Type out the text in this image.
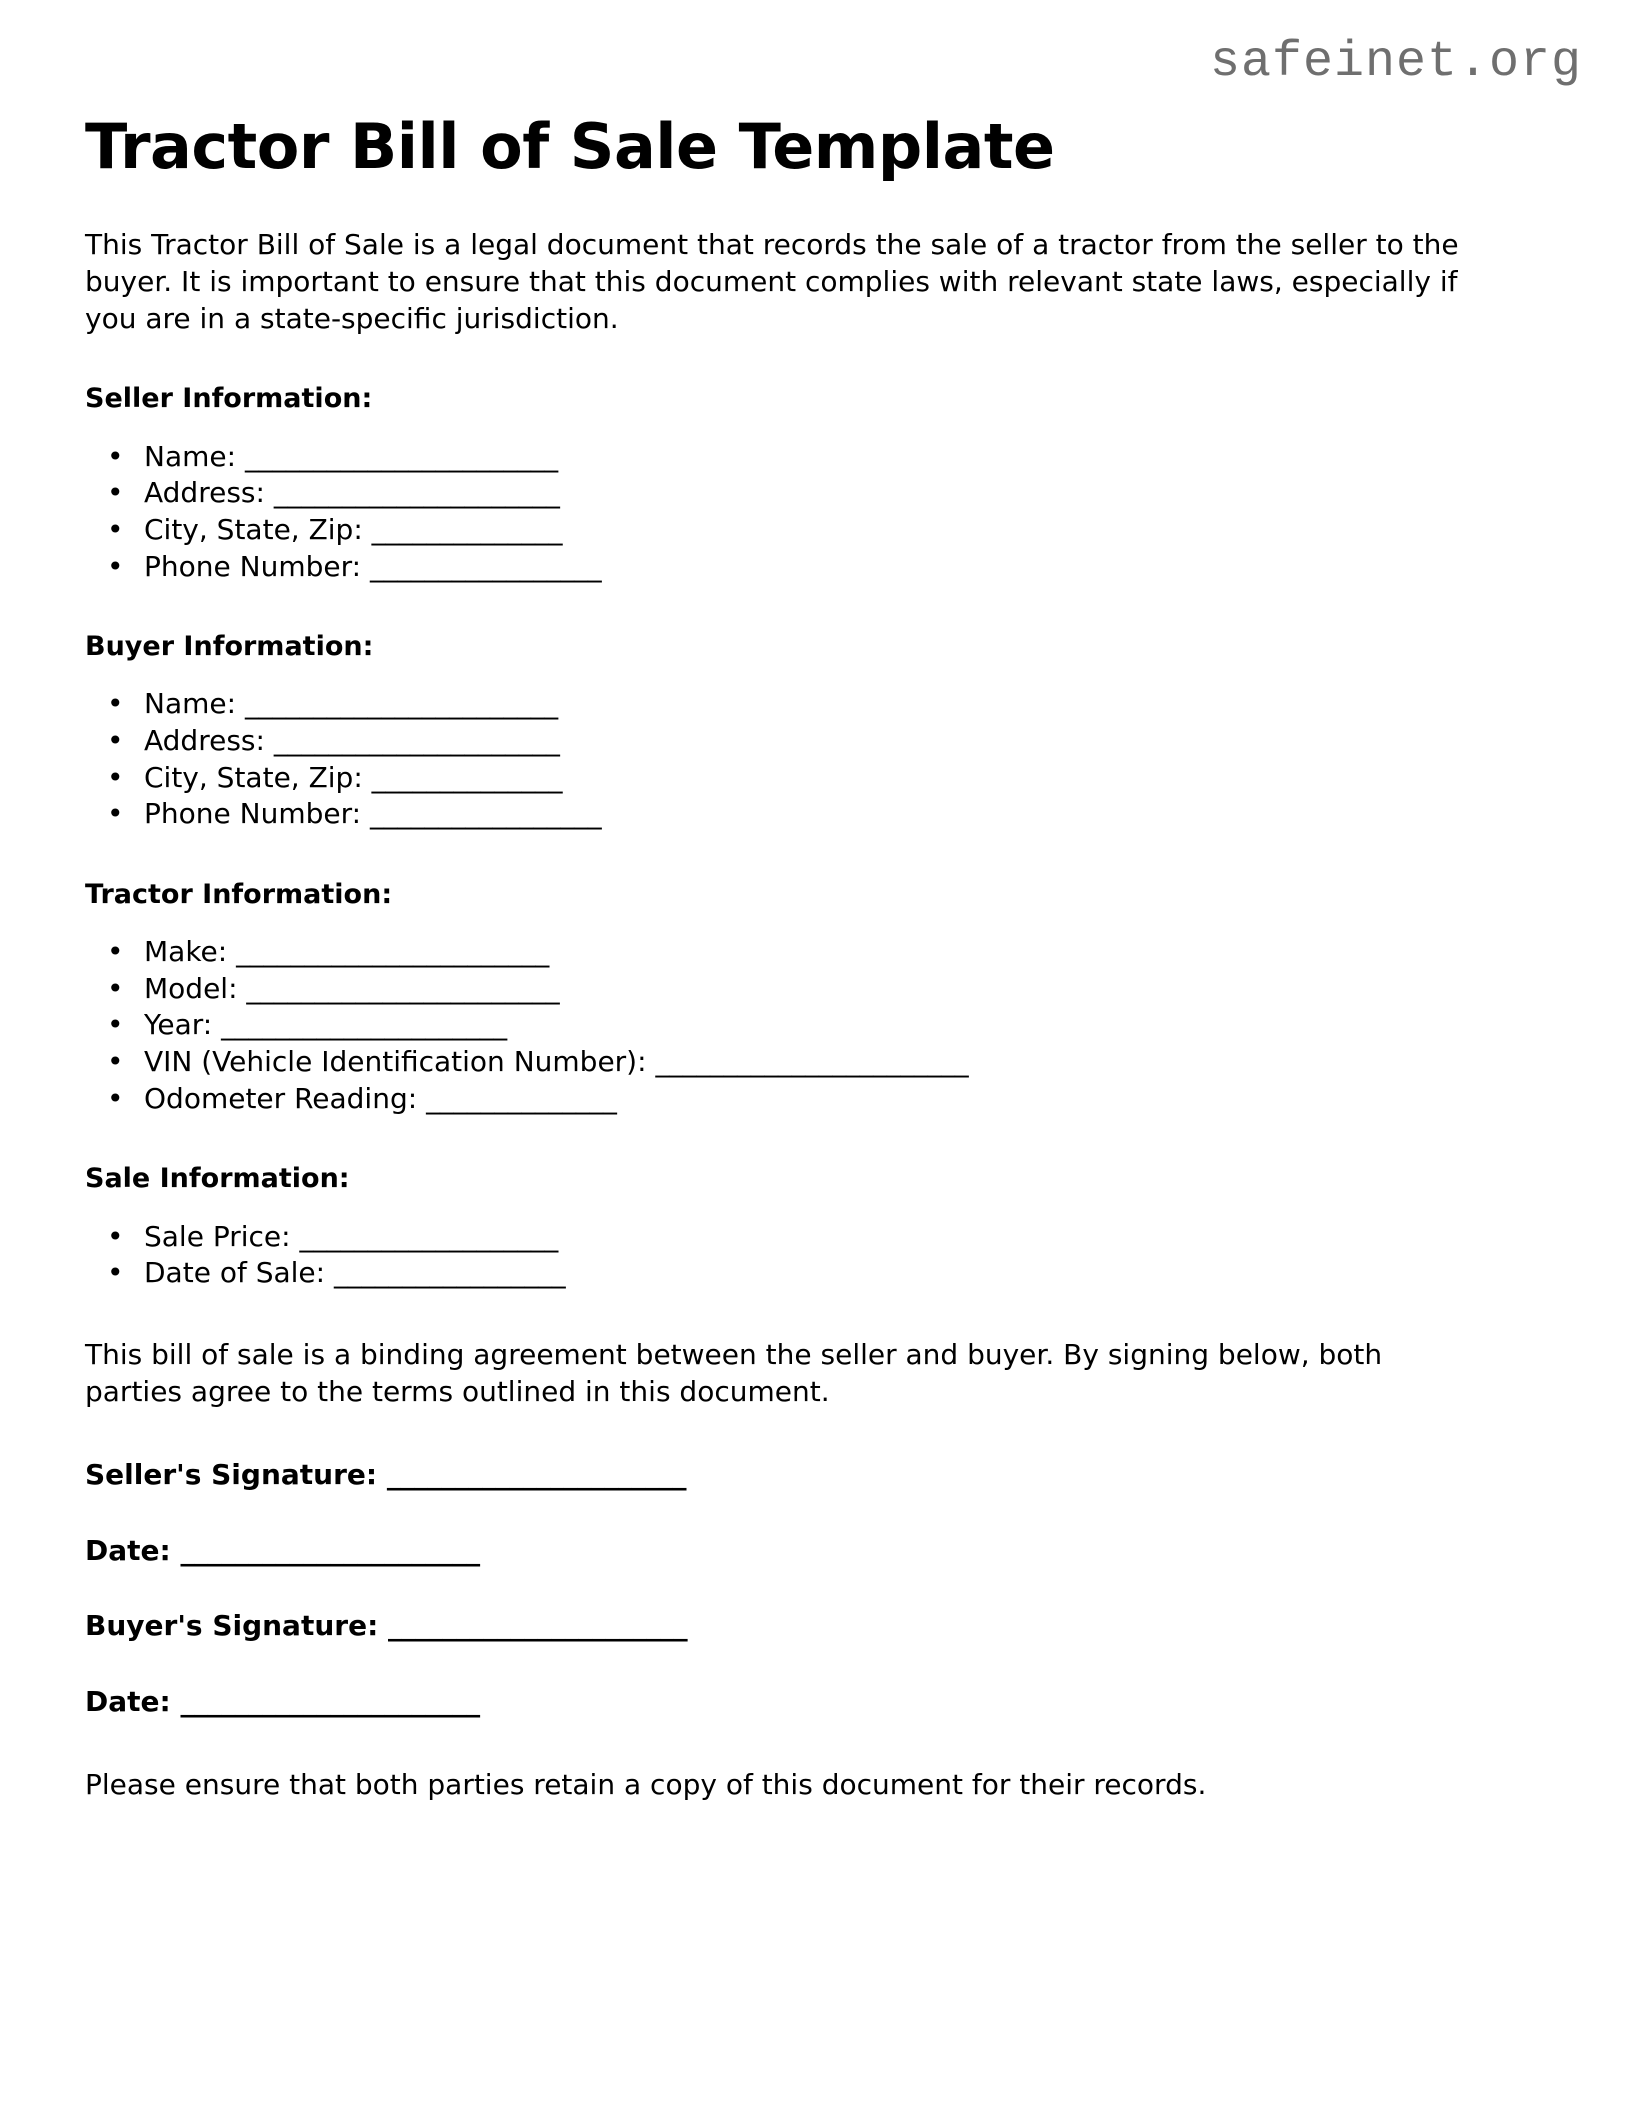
safeinet.org
Tractor Bill of Sale Template

This Tractor Bill of Sale is a legal document that records the sale of a tractor from the seller to the buyer. It is important to ensure that this document complies with relevant state laws, especially if you are in a state-specific jurisdiction.

Seller Information:
• Name: _______________________
• Address: _____________________
• City, State, Zip: ______________
• Phone Number: _________________
Buyer Information:
• Name: _______________________
• Address: _____________________
• City, State, Zip: ______________
• Phone Number: _________________
Tractor Information:
• Make: _______________________
• Model: _______________________
• Year: _____________________
• VIN (Vehicle Identification Number): _______________________
• Odometer Reading: ______________
Sale Information:
• Sale Price: ___________________
• Date of Sale: _________________

This bill of sale is a binding agreement between the seller and buyer. By signing below, both parties agree to the terms outlined in this document.

Seller's Signature: ______________________

Date: ______________________

Buyer's Signature: ______________________

Date: ______________________

Please ensure that both parties retain a copy of this document for their records.
